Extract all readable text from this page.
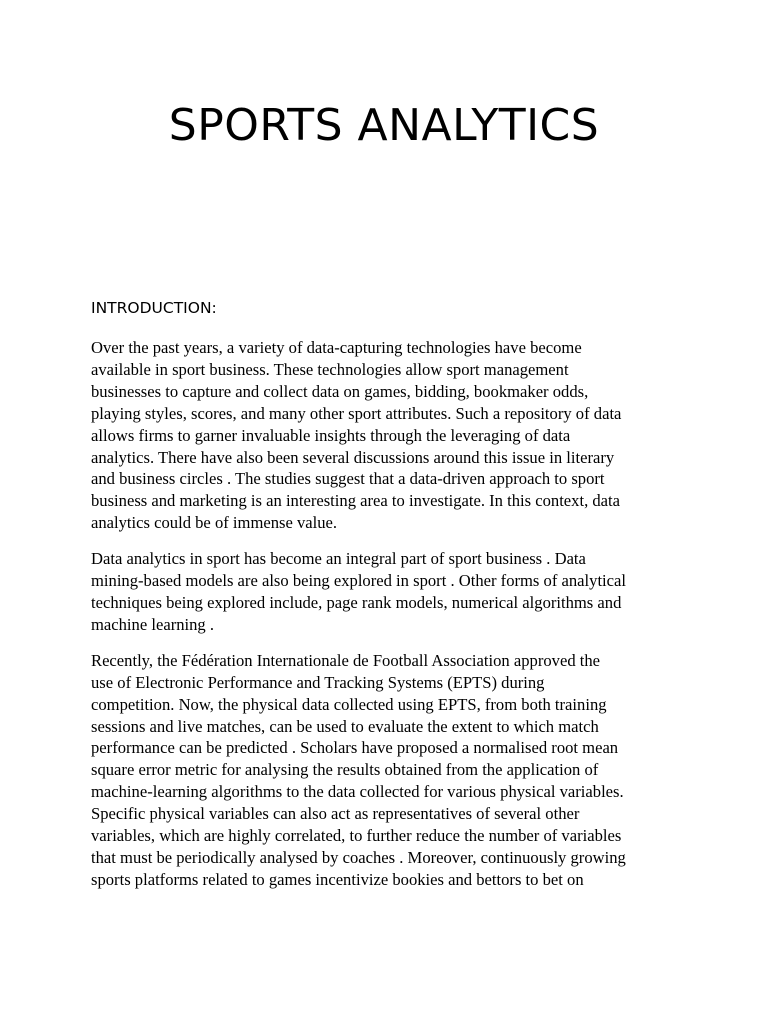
SPORTS ANALYTICS
INTRODUCTION:

Over the past years, a variety of data-capturing technologies have become
available in sport business. These technologies allow sport management
businesses to capture and collect data on games, bidding, bookmaker odds,
playing styles, scores, and many other sport attributes. Such a repository of data
allows firms to garner invaluable insights through the leveraging of data
analytics. There have also been several discussions around this issue in literary
and business circles . The studies suggest that a data-driven approach to sport
business and marketing is an interesting area to investigate. In this context, data
analytics could be of immense value.

Data analytics in sport has become an integral part of sport business . Data
mining-based models are also being explored in sport . Other forms of analytical
techniques being explored include, page rank models, numerical algorithms and
machine learning .

Recently, the Fédération Internationale de Football Association approved the
use of Electronic Performance and Tracking Systems (EPTS) during
competition. Now, the physical data collected using EPTS, from both training
sessions and live matches, can be used to evaluate the extent to which match
performance can be predicted . Scholars have proposed a normalised root mean
square error metric for analysing the results obtained from the application of
machine-learning algorithms to the data collected for various physical variables.
Specific physical variables can also act as representatives of several other
variables, which are highly correlated, to further reduce the number of variables
that must be periodically analysed by coaches . Moreover, continuously growing
sports platforms related to games incentivize bookies and bettors to bet on
